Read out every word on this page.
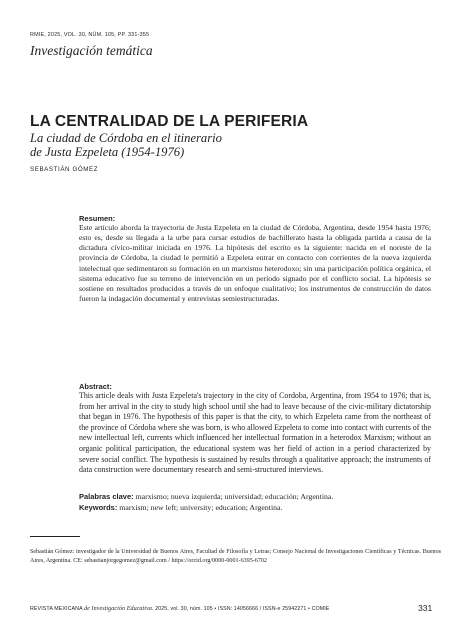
RMIE, 2025, VOL. 30, NÚM. 105, PP. 331-355
Investigación temática
LA CENTRALIDAD DE LA PERIFERIA
La ciudad de Córdoba en el itinerario
de Justa Ezpeleta (1954-1976)
SEBASTIÁN GÓMEZ
Resumen:
Este artículo aborda la trayectoria de Justa Ezpeleta en la ciudad de Córdoba, Argentina, desde 1954 hasta 1976; esto es, desde su llegada a la urbe para cursar estudios de bachillerato hasta la obligada partida a causa de la dictadura cívico-militar iniciada en 1976. La hipótesis del escrito es la siguiente: nacida en el noreste de la provincia de Córdoba, la ciudad le permitió a Ezpeleta entrar en contacto con corrientes de la nueva izquierda intelectual que sedimentaron su formación en un marxismo heterodoxo; sin una participación política orgánica, el sistema educativo fue su terreno de intervención en un período signado por el conflicto social. La hipótesis se sostiene en resultados producidos a través de un enfoque cualitativo; los instrumentos de construcción de datos fueron la indagación documental y entrevistas semiestructuradas.
Abstract:
This article deals with Justa Ezpeleta's trajectory in the city of Cordoba, Argentina, from 1954 to 1976; that is, from her arrival in the city to study high school until she had to leave because of the civic-military dictatorship that began in 1976. The hypothesis of this paper is that the city, to which Ezpeleta came from the northeast of the province of Córdoba where she was born, is who allowed Ezpeleta to come into contact with currents of the new intellectual left, currents which influenced her intellectual formation in a heterodox Marxism; without an organic political participation, the educational system was her field of action in a period characterized by severe social conflict. The hypothesis is sustained by results through a qualitative approach; the instruments of data construction were documentary research and semi-structured interviews.
Palabras clave: marxismo; nueva izquierda; universidad; educación; Argentina.
Keywords: marxism; new left; university; education; Argentina.
Sebastián Gómez: investigador de la Universidad de Buenos Aires, Facultad de Filosofía y Letras; Consejo Nacional de Investigaciones Científicas y Técnicas. Buenos Aires, Argentina. CE: sebastianjorgegomez@gmail.com / https://orcid.org/0000-0001-6395-6702
REVISTA MEXICANA de Investigación Educativa. 2025, vol. 30, núm. 105 • ISSN: 14056666 / ISSN-e 25942271 • COMIE	331
